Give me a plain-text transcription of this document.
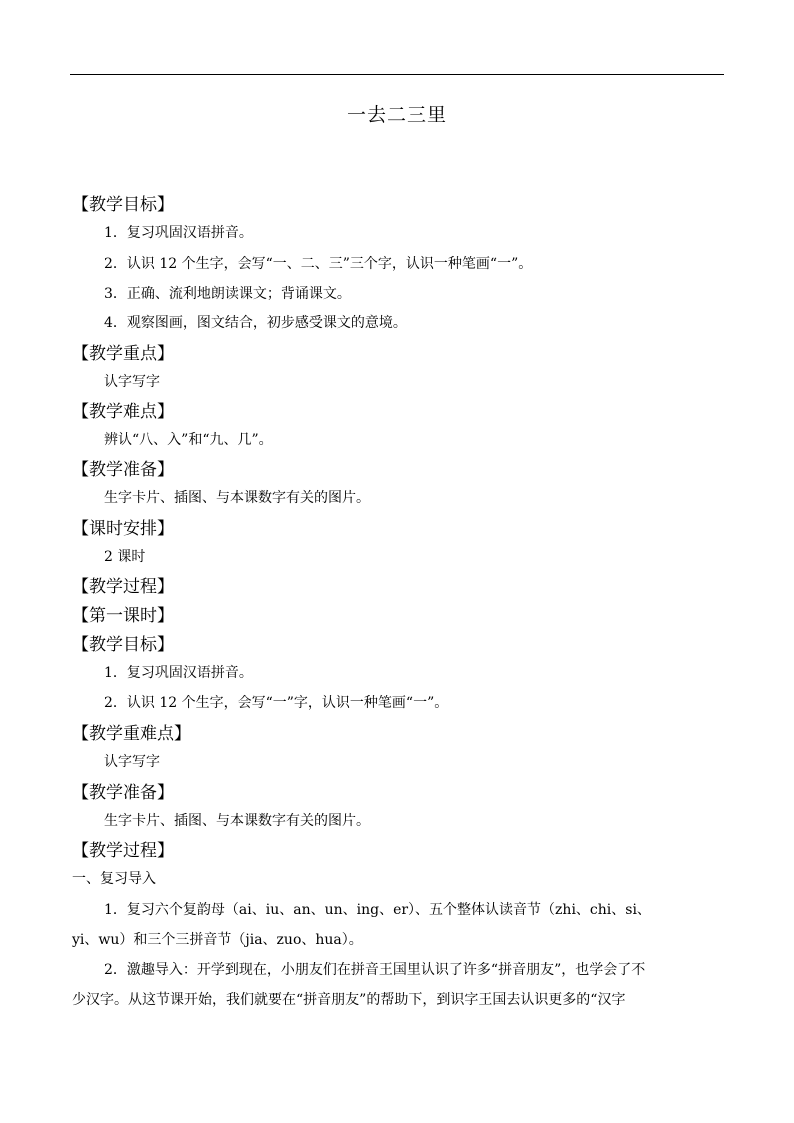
一去二三里
【教学目标】
1．复习巩固汉语拼音。
2．认识 12 个生字，会写“一、二、三”三个字，认识一种笔画“一”。
3．正确、流利地朗读课文；背诵课文。
4．观察图画，图文结合，初步感受课文的意境。
【教学重点】
认字写字
【教学难点】
辨认“八、入”和“九、几”。
【教学准备】
生字卡片、插图、与本课数字有关的图片。
【课时安排】
2 课时
【教学过程】
【第一课时】
【教学目标】
1．复习巩固汉语拼音。
2．认识 12 个生字，会写“一”字，认识一种笔画“一”。
【教学重难点】
认字写字
【教学准备】
生字卡片、插图、与本课数字有关的图片。
【教学过程】
一、复习导入
1．复习六个复韵母（ai、iu、an、un、ing、er）、五个整体认读音节（zhi、chi、si、
yi、wu）和三个三拼音节（jia、zuo、hua）。
2．激趣导入：开学到现在，小朋友们在拼音王国里认识了许多“拼音朋友”，也学会了不
少汉字。从这节课开始，我们就要在“拼音朋友”的帮助下，到识字王国去认识更多的“汉字
